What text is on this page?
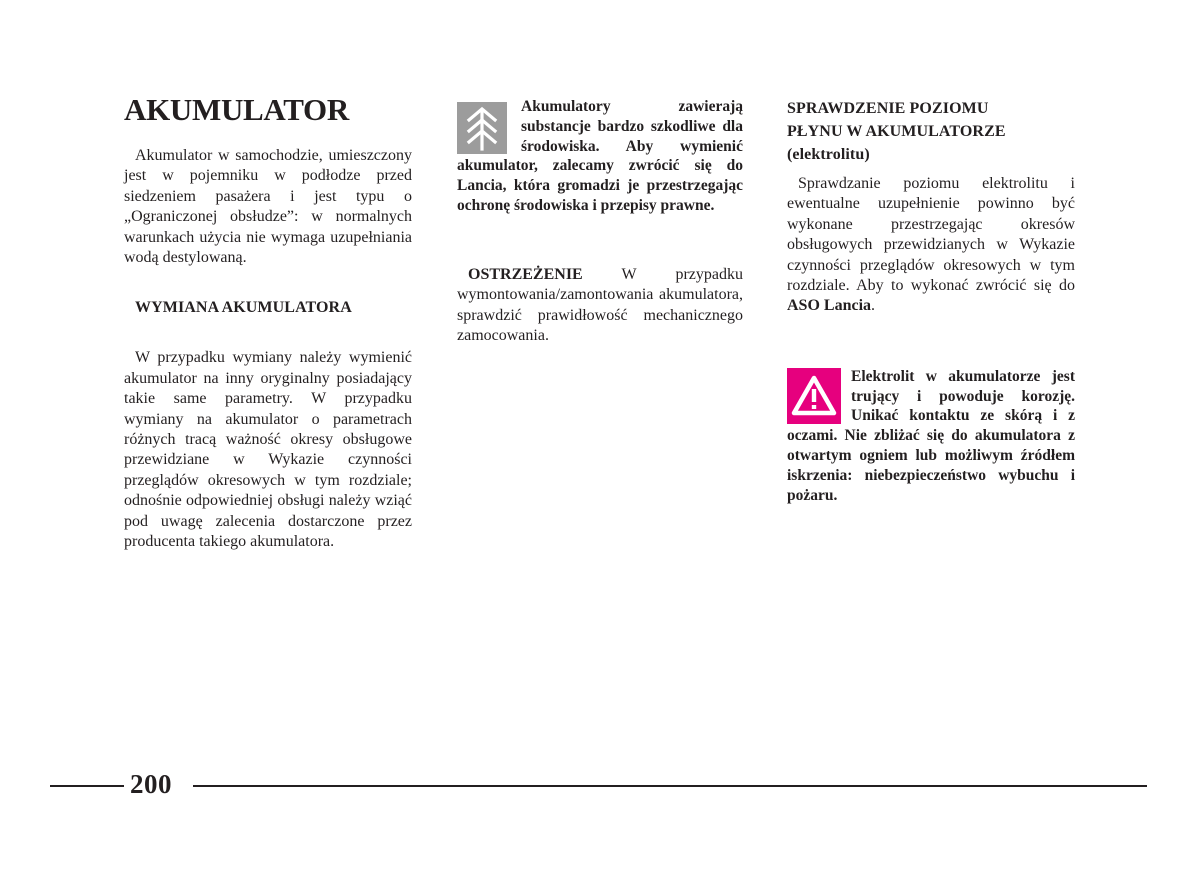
AKUMULATOR

Akumulator w samochodzie, umieszczony jest w pojemniku w podłodze przed siedzeniem pasażera i jest typu o „Ograniczonej obsłudze”: w normalnych warunkach użycia nie wymaga uzupełniania wodą destylowaną.

WYMIANA AKUMULATORA

W przypadku wymiany należy wymienić akumulator na inny oryginalny posiadający takie same parametry. W przypadku wymiany na akumulator o parametrach różnych tracą ważność okresy obsługowe przewidziane w Wykazie czynności przeglądów okresowych w tym rozdziale; odnośnie odpowiedniej obsługi należy wziąć pod uwagę zalecenia dostarczone przez producenta takiego akumulatora.

Akumulatory zawierają substancje bardzo szkodliwe dla środowiska. Aby wymienić akumulator, zalecamy zwrócić się do Lancia, która gromadzi je przestrzegając ochronę środowiska i przepisy prawne.

OSTRZEŻENIE W przypadku wymontowania/zamontowania akumulatora, sprawdzić prawidłowość mechanicznego zamocowania.

SPRAWDZENIE POZIOMU PŁYNU W AKUMULATORZE
(elektrolitu)

Sprawdzanie poziomu elektrolitu i ewentualne uzupełnienie powinno być wykonane przestrzegając okresów obsługowych przewidzianych w Wykazie czynności przeglądów okresowych w tym rozdziale. Aby to wykonać zwrócić się do ASO Lancia.

Elektrolit w akumulatorze jest trujący i powoduje korozję. Unikać kontaktu ze skórą i z oczami. Nie zbliżać się do akumulatora z otwartym ogniem lub możliwym źródłem iskrzenia: niebezpieczeństwo wybuchu i pożaru.
200
